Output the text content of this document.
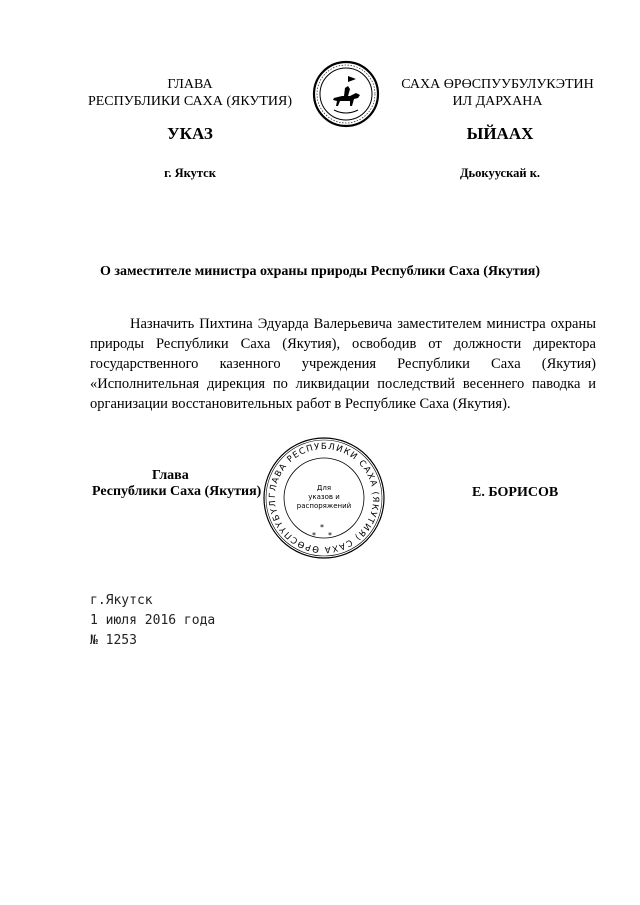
ГЛАВА
РЕСПУБЛИКИ САХА (ЯКУТИЯ)
САХА ӨРӨСПУУБУЛУКЭТИН
ИЛ ДАРХАНА
УКАЗ	ЫЙААХ
г. Якутск	Дьокуускай к.
О заместителе министра охраны природы Республики Саха (Якутия)
Назначить Пихтина Эдуарда Валерьевича заместителем министра охраны природы Республики Саха (Якутия), освободив от должности директора государственного казенного учреждения Республики Саха (Якутия) «Исполнительная дирекция по ликвидации последствий весеннего паводка и организации восстановительных работ в Республике Саха (Якутия).
ГЛАВА РЕСПУБЛИКИ САХА (ЯКУТИЯ) САХА ӨРӨСПҮҮБҮЛ
Для
указов и
распоряжений
*
* *
Глава
Республики Саха (Якутия)	Е. БОРИСОВ
г.Якутск
1 июля 2016 года
№ 1253
